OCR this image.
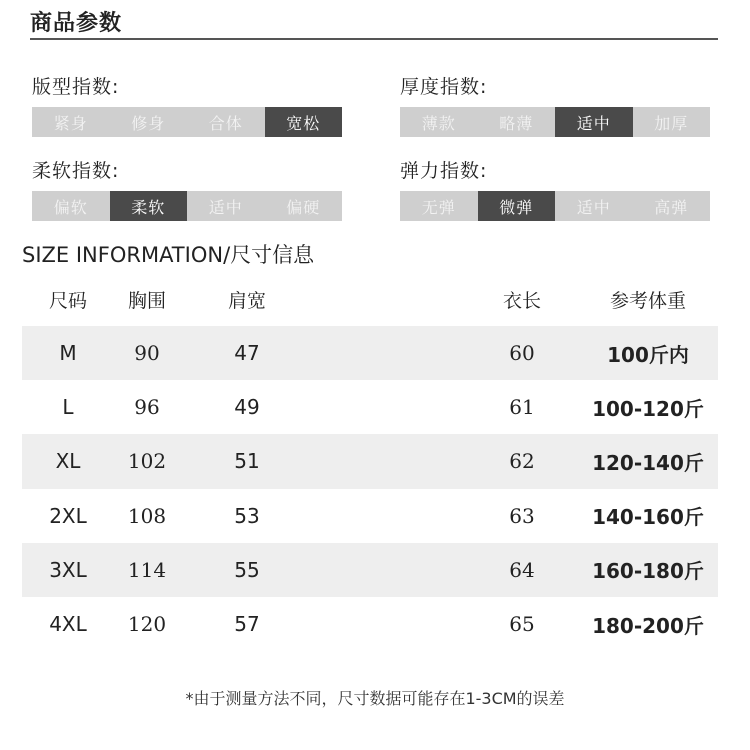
商品参数
版型指数:
紧身	修身	合体	宽松
厚度指数:
薄款	略薄	适中	加厚
柔软指数:
偏软	柔软	适中	偏硬
弹力指数:
无弹	微弹	适中	高弹
SIZE INFORMATION/尺寸信息
尺码	胸围	肩宽	衣长	参考体重
M	90	47	60	100斤内
L	96	49	61	100-120斤
XL	102	51	62	120-140斤
2XL	108	53	63	140-160斤
3XL	114	55	64	160-180斤
4XL	120	57	65	180-200斤
*由于测量方法不同，尺寸数据可能存在1-3CM的误差
